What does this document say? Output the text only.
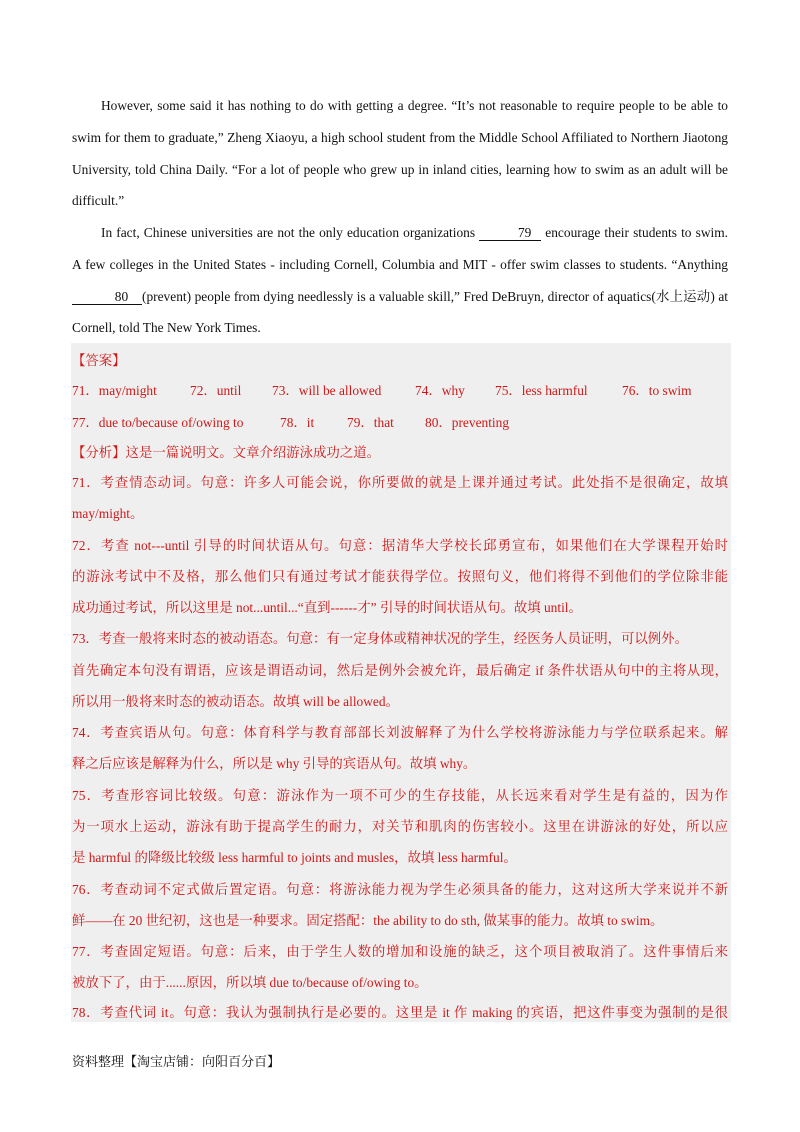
However, some said it has nothing to do with getting a degree. “It’s not reasonable to require people to be able to swim for them to graduate,” Zheng Xiaoyu, a high school student from the Middle School Affiliated to Northern Jiaotong University, told China Daily. “For a lot of people who grew up in inland cities, learning how to swim as an adult will be difficult.”

In fact, Chinese universities are not the only education organizations	79 encourage their students to swim. A few colleges in the United States - including Cornell, Columbia and MIT - offer swim classes to students. “Anything 80 (prevent) people from dying needlessly is a valuable skill,” Fred DeBruyn, director of aquatics(水上运动) at Cornell, told The New York Times.

【答案】
71．may/might 72．until 73．will be allowed	74．why 75．less harmful	76．to swim
77．due to/because of/owing to	78．it 79．that 80．preventing
【分析】这是一篇说明文。文章介绍游泳成功之道。
71．考查情态动词。句意：许多人可能会说，你所要做的就是上课并通过考试。此处指不是很确定，故填
may/might。
72．考查 not---until 引导的时间状语从句。句意：据清华大学校长邱勇宣布，如果他们在大学课程开始时
的游泳考试中不及格，那么他们只有通过考试才能获得学位。按照句义，他们将得不到他们的学位除非能
成功通过考试，所以这里是 not...until...“直到------才” 引导的时间状语从句。故填 until。
73．考查一般将来时态的被动语态。句意：有一定身体或精神状况的学生，经医务人员证明，可以例外。
首先确定本句没有谓语，应该是谓语动词，然后是例外会被允许，最后确定 if 条件状语从句中的主将从现，
所以用一般将来时态的被动语态。故填 will be allowed。
74．考查宾语从句。句意：体育科学与教育部部长刘波解释了为什么学校将游泳能力与学位联系起来。解
释之后应该是解释为什么，所以是 why 引导的宾语从句。故填 why。
75．考查形容词比较级。句意：游泳作为一项不可少的生存技能，从长远来看对学生是有益的，因为作
为一项水上运动，游泳有助于提高学生的耐力，对关节和肌肉的伤害较小。这里在讲游泳的好处，所以应
是 harmful 的降级比较级 less harmful to joints and musles，故填 less harmful。
76．考查动词不定式做后置定语。句意：将游泳能力视为学生必须具备的能力，这对这所大学来说并不新
鲜——在 20 世纪初，这也是一种要求。固定搭配：the ability to do sth, 做某事的能力。故填 to swim。
77．考查固定短语。句意：后来，由于学生人数的增加和设施的缺乏，这个项目被取消了。这件事情后来
被放下了，由于......原因，所以填 due to/because of/owing to。
78．考查代词 it。句意：我认为强制执行是必要的。这里是 it 作 making 的宾语，把这件事变为强制的是很
资料整理【淘宝店铺：向阳百分百】
